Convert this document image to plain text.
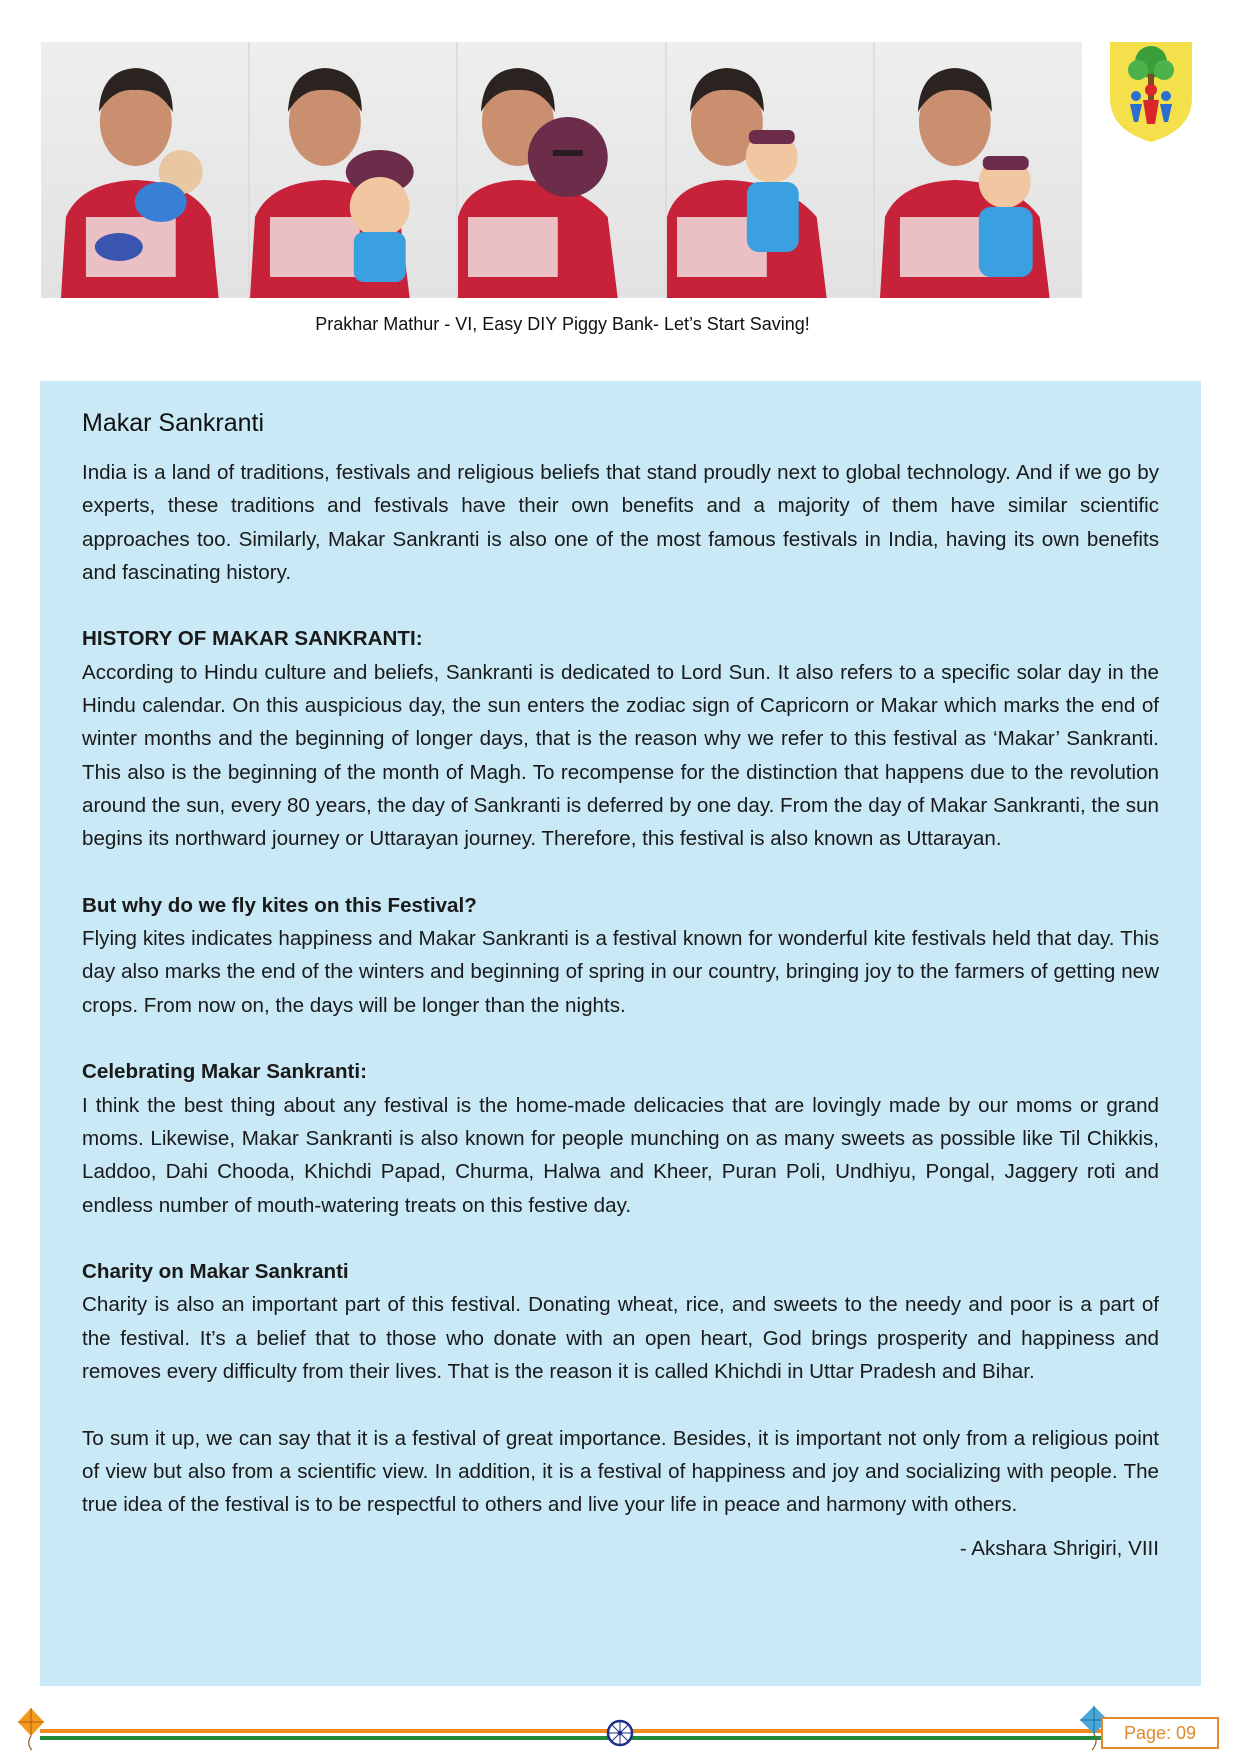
Prakhar Mathur - VI, Easy DIY Piggy Bank- Let’s Start Saving!
Makar Sankranti

India is a land of traditions, festivals and religious beliefs that stand proudly next to global technology. And if we go by experts, these traditions and festivals have their own benefits and a majority of them have similar scientific approaches too. Similarly, Makar Sankranti is also one of the most famous festivals in India, having its own benefits and fascinating history.

HISTORY OF MAKAR SANKRANTI:

According to Hindu culture and beliefs, Sankranti is dedicated to Lord Sun. It also refers to a specific solar day in the Hindu calendar. On this auspicious day, the sun enters the zodiac sign of Capricorn or Makar which marks the end of winter months and the beginning of longer days, that is the reason why we refer to this festival as ‘Makar’ Sankranti. This also is the beginning of the month of Magh. To recompense for the distinction that happens due to the revolution around the sun, every 80 years, the day of Sankranti is deferred by one day. From the day of Makar Sankranti, the sun begins its northward journey or Uttarayan journey. Therefore, this festival is also known as Uttarayan.

But why do we fly kites on this Festival?

Flying kites indicates happiness and Makar Sankranti is a festival known for wonderful kite festivals held that day. This day also marks the end of the winters and beginning of spring in our country, bringing joy to the farmers of getting new crops. From now on, the days will be longer than the nights.

Celebrating Makar Sankranti:

I think the best thing about any festival is the home-made delicacies that are lovingly made by our moms or grand moms. Likewise, Makar Sankranti is also known for people munching on as many sweets as possible like Til Chikkis, Laddoo, Dahi Chooda, Khichdi Papad, Churma, Halwa and Kheer, Puran Poli, Undhiyu, Pongal, Jaggery roti and endless number of mouth-watering treats on this festive day.

Charity on Makar Sankranti

Charity is also an important part of this festival. Donating wheat, rice, and sweets to the needy and poor is a part of the festival. It’s a belief that to those who donate with an open heart, God brings prosperity and happiness and removes every difficulty from their lives. That is the reason it is called Khichdi in Uttar Pradesh and Bihar.

To sum it up, we can say that it is a festival of great importance. Besides, it is important not only from a religious point of view but also from a scientific view. In addition, it is a festival of happiness and joy and socializing with people. The true idea of the festival is to be respectful to others and live your life in peace and harmony with others.

- Akshara Shrigiri, VIII
Page: 09
